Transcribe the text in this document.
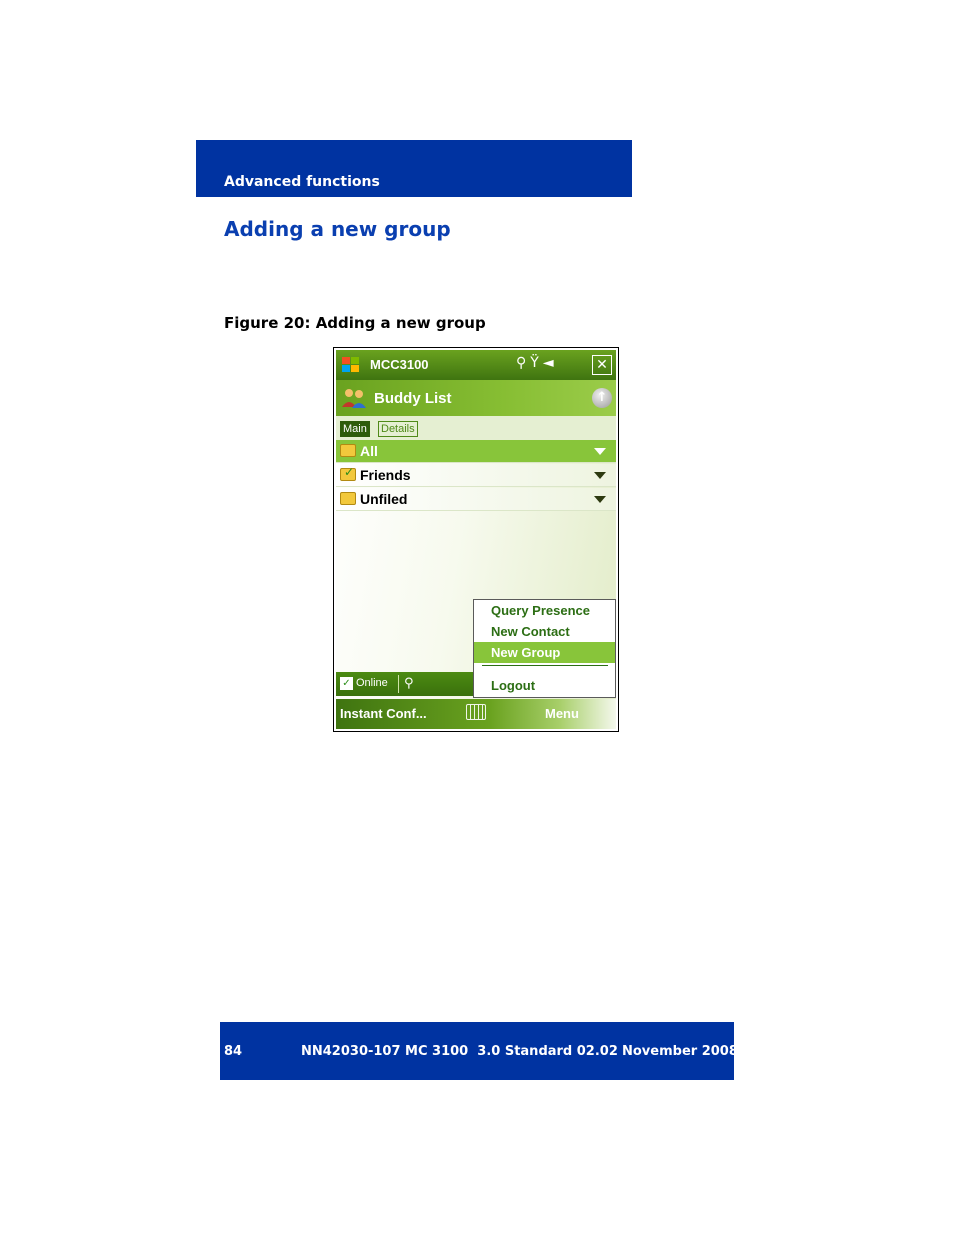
Advanced functions
Adding a new group
Figure 20: Adding a new group
MCC3100	⚲ Ÿ ◄	✕
Buddy List	↑
Main Details
All
✓
Friends
Unfiled
✓ Online ⚲
Query Presence
New Contact
New Group
Logout
Instant Conf...	Menu
84	NN42030-107 MC 3100  3.0 Standard 02.02 November 2008
